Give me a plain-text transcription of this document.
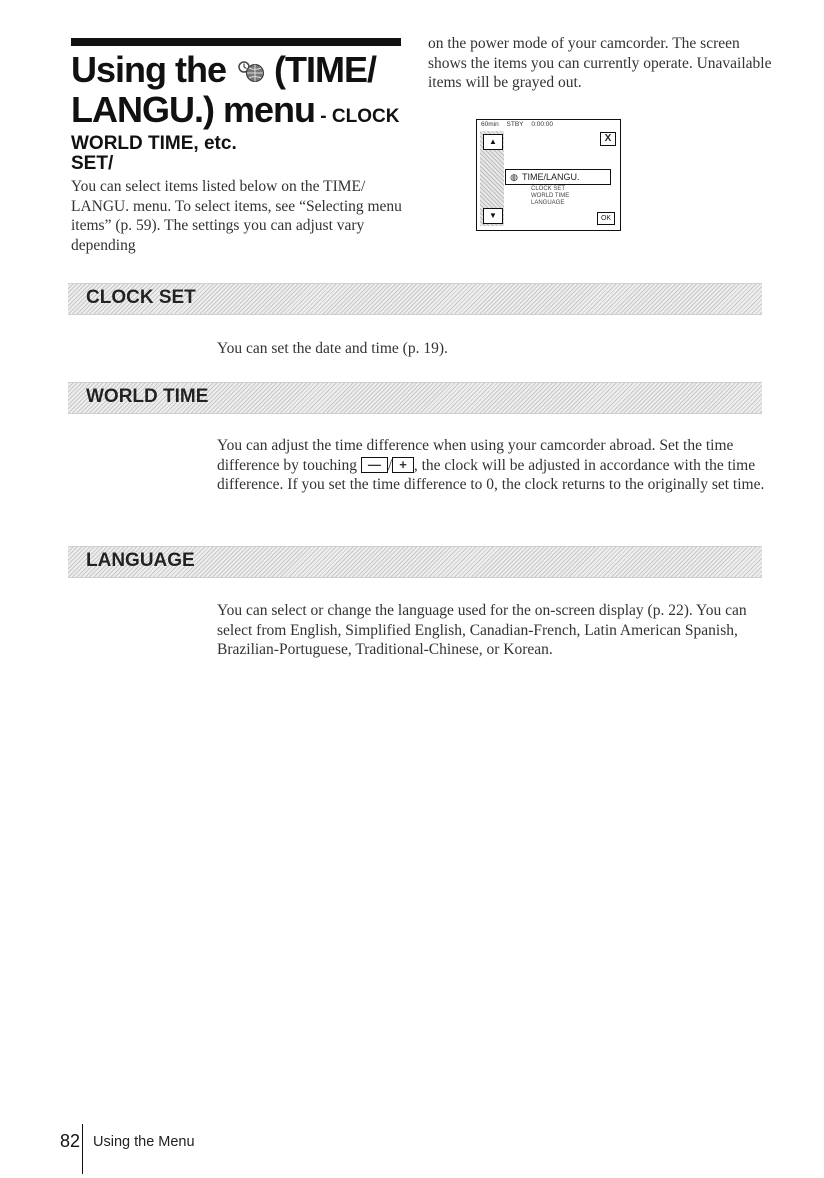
Using the (TIME/
LANGU.) menu - CLOCK SET/
WORLD TIME, etc.
You can select items listed below on the TIME/ LANGU. menu. To select items, see “Selecting menu items” (p. 59). The settings you can adjust vary depending
on the power mode of your camcorder. The screen shows the items you can currently operate. Unavailable items will be grayed out.
60min STBY 0:00:00
▲
▼
X
◍ TIME/LANGU.
CLOCK SET
WORLD TIME
LANGUAGE
OK
CLOCK SET
You can set the date and time (p. 19).
WORLD TIME
You can adjust the time difference when using your camcorder abroad. Set the time difference by touching — / + , the clock will be adjusted in accordance with the time difference. If you set the time difference to 0, the clock returns to the originally set time.
LANGUAGE
You can select or change the language used for the on-screen display (p. 22). You can select from English, Simplified English, Canadian-French, Latin American Spanish, Brazilian-Portuguese, Traditional-Chinese, or Korean.
82 Using the Menu
